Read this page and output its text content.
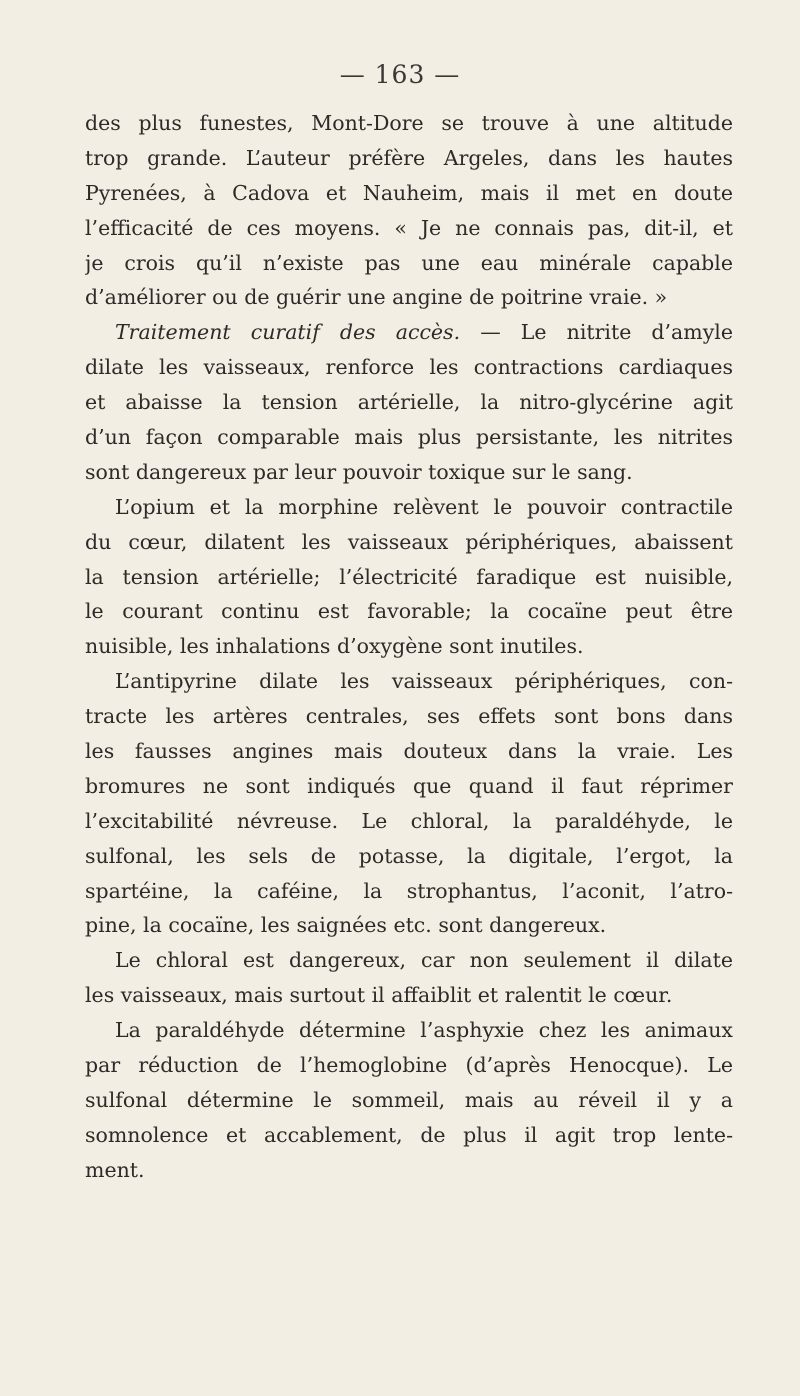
— 163 —
des plus funestes, Mont-Dore se trouve à une altitude
trop grande. L’auteur préfère Argeles, dans les hautes
Pyrenées, à Cadova et Nauheim, mais il met en doute
l’efficacité de ces moyens. « Je ne connais pas, dit-il, et
je crois qu’il n’existe pas une eau minérale capable
d’améliorer ou de guérir une angine de poitrine vraie. »
Traitement curatif des accès. — Le nitrite d’amyle
dilate les vaisseaux, renforce les contractions cardiaques
et abaisse la tension artérielle, la nitro-glycérine agit
d’un façon comparable mais plus persistante, les nitrites
sont dangereux par leur pouvoir toxique sur le sang.
L’opium et la morphine relèvent le pouvoir contractile
du cœur, dilatent les vaisseaux périphériques, abaissent
la tension artérielle; l’électricité faradique est nuisible,
le courant continu est favorable; la cocaïne peut être
nuisible, les inhalations d’oxygène sont inutiles.
L’antipyrine dilate les vaisseaux périphériques, con-
tracte les artères centrales, ses effets sont bons dans
les fausses angines mais douteux dans la vraie. Les
bromures ne sont indiqués que quand il faut réprimer
l’excitabilité névreuse. Le chloral, la paraldéhyde, le
sulfonal, les sels de potasse, la digitale, l’ergot, la
spartéine, la caféine, la strophantus, l’aconit, l’atro-
pine, la cocaïne, les saignées etc. sont dangereux.
Le chloral est dangereux, car non seulement il dilate
les vaisseaux, mais surtout il affaiblit et ralentit le cœur.
La paraldéhyde détermine l’asphyxie chez les animaux
par réduction de l’hemoglobine (d’après Henocque). Le
sulfonal détermine le sommeil, mais au réveil il y a
somnolence et accablement, de plus il agit trop lente-
ment.
